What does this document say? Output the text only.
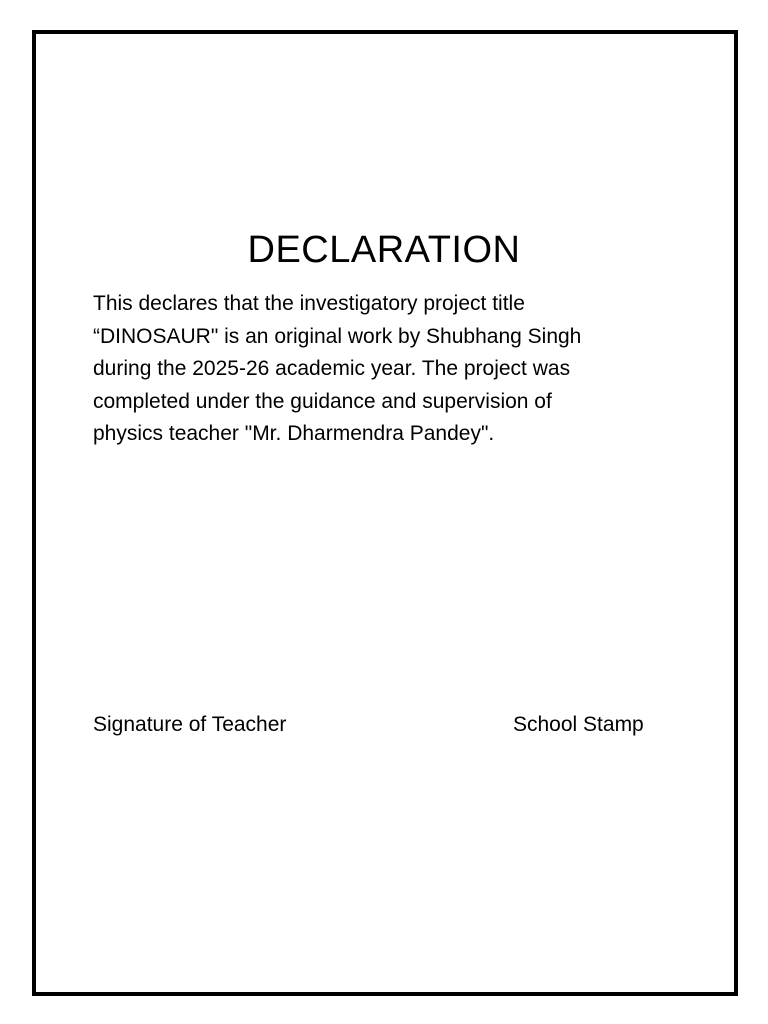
DECLARATION

This declares that the investigatory project title
“DINOSAUR" is an original work by Shubhang Singh
during the 2025-26 academic year. The project was
completed under the guidance and supervision of
physics teacher "Mr. Dharmendra Pandey".

Signature of Teacher	School Stamp
